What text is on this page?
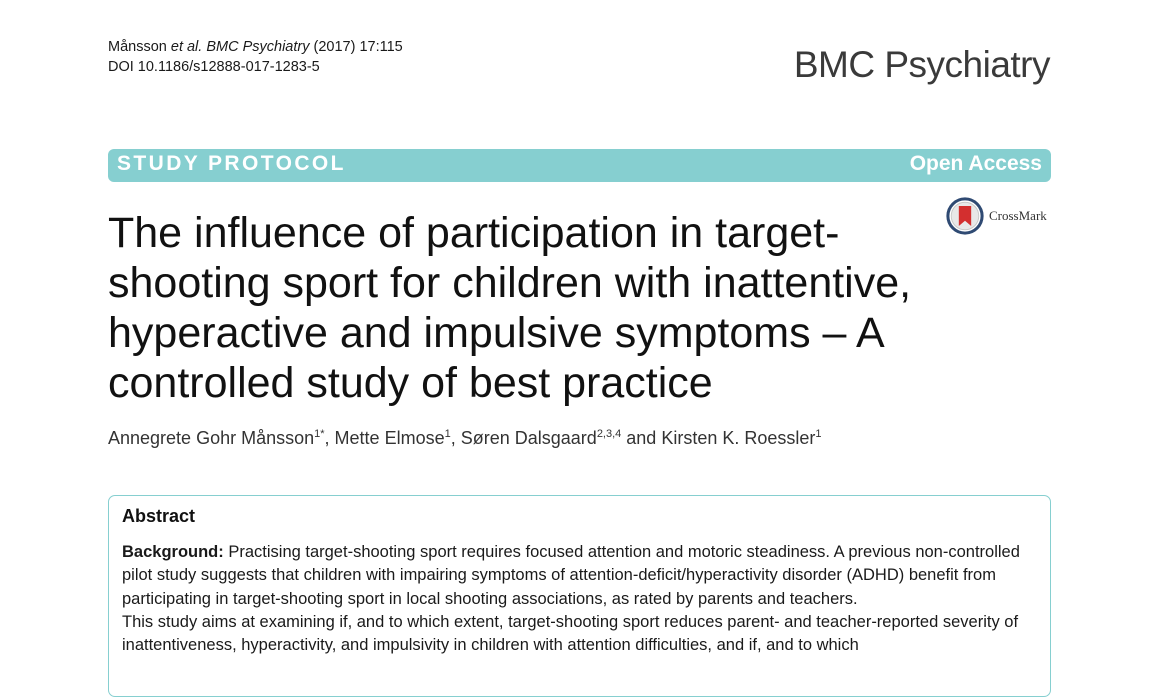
Månsson et al. BMC Psychiatry (2017) 17:115
DOI 10.1186/s12888-017-1283-5	BMC Psychiatry
STUDY PROTOCOL	Open Access
CrossMark
The influence of participation in target-shooting sport for children with inattentive, hyperactive and impulsive symptoms – A controlled study of best practice
Annegrete Gohr Månsson$^{1*}$, Mette Elmose$^1$, Søren Dalsgaard$^{2,3,4}$ and Kirsten K. Roessler$^1$
Abstract

Background: Practising target-shooting sport requires focused attention and motoric steadiness. A previous non-controlled pilot study suggests that children with impairing symptoms of attention-deficit/hyperactivity disorder (ADHD) benefit from participating in target-shooting sport in local shooting associations, as rated by parents and teachers.

This study aims at examining if, and to which extent, target-shooting sport reduces parent- and teacher-reported severity of inattentiveness, hyperactivity, and impulsivity in children with attention difficulties, and if, and to which
